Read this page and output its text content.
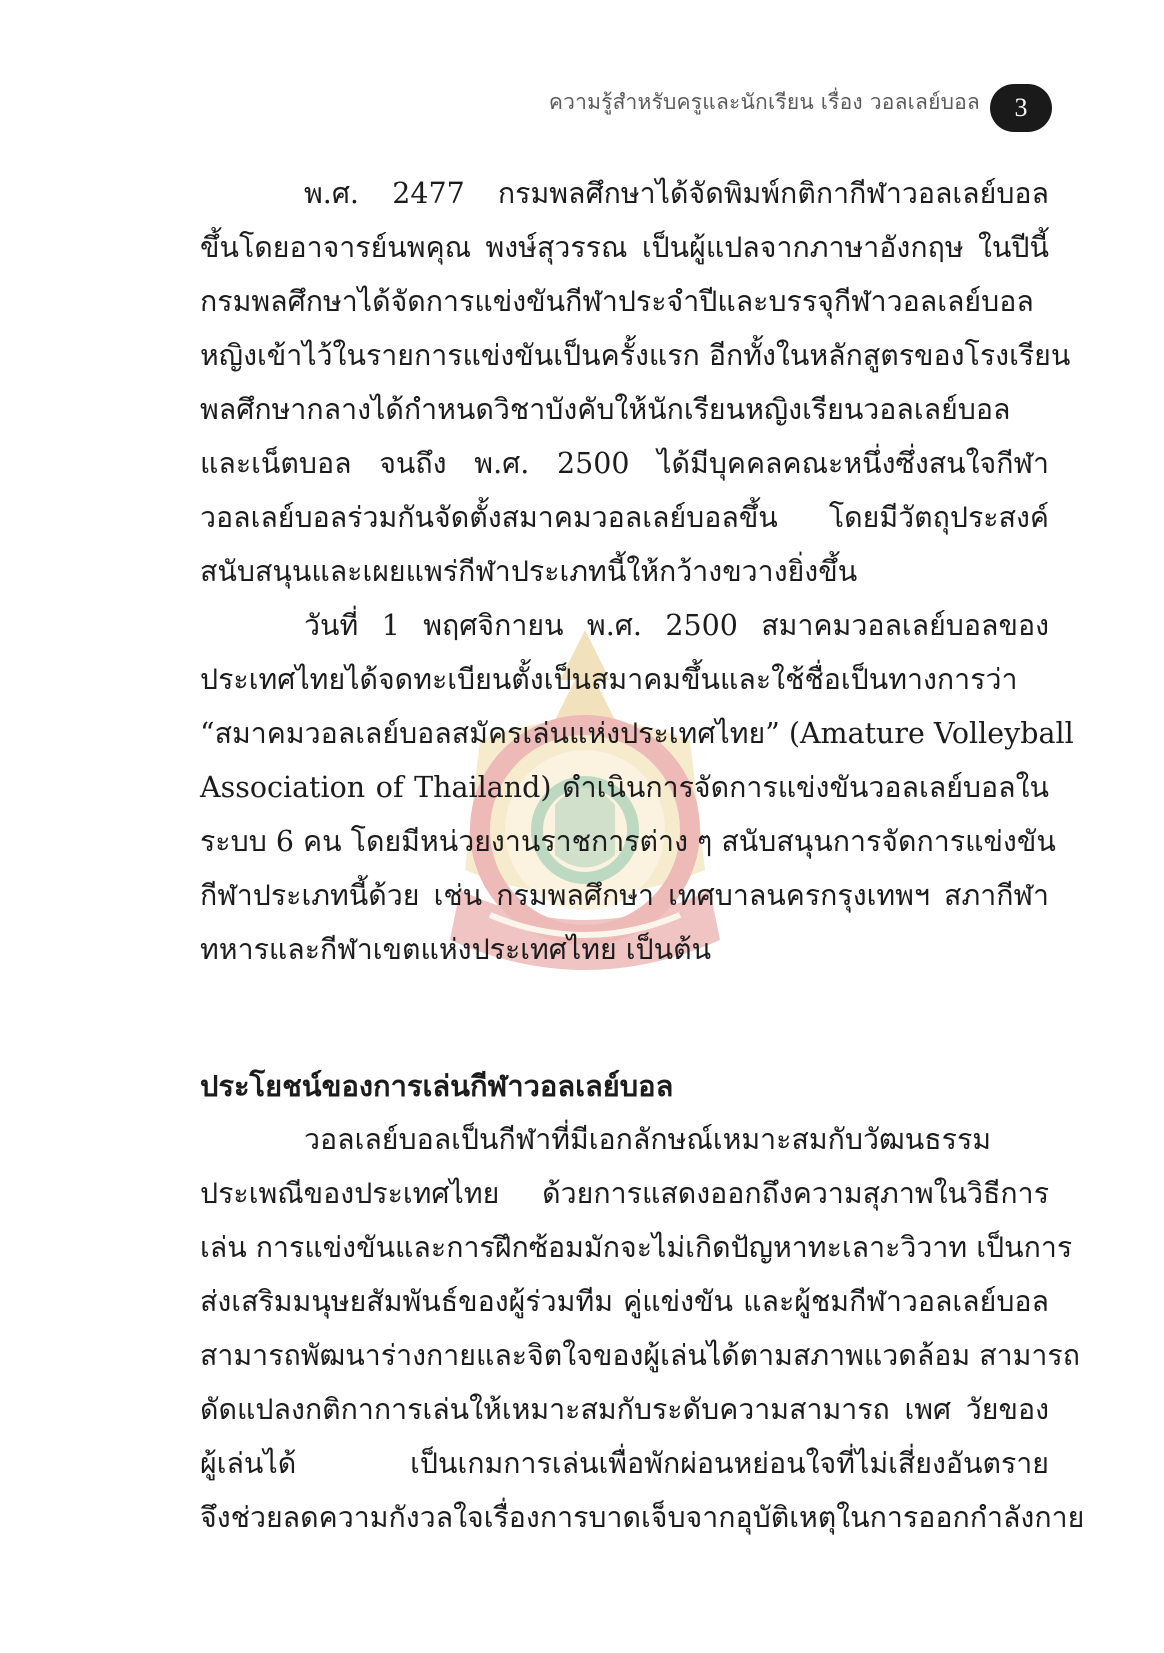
ความรู้สำหรับครูและนักเรียน เรื่อง วอลเลย์บอล	3
พ.ศ. 2477 กรมพลศึกษาได้จัดพิมพ์กติกากีฬาวอลเลย์บอล
ขึ้นโดยอาจารย์นพคุณ พงษ์สุวรรณ เป็นผู้แปลจากภาษาอังกฤษ ในปีนี้
กรมพลศึกษาได้จัดการแข่งขันกีฬาประจำปีและบรรจุกีฬาวอลเลย์บอล
หญิงเข้าไว้ในรายการแข่งขันเป็นครั้งแรก อีกทั้งในหลักสูตรของโรงเรียน
พลศึกษากลางได้กำหนดวิชาบังคับให้นักเรียนหญิงเรียนวอลเลย์บอล
และเน็ตบอล จนถึง พ.ศ. 2500 ได้มีบุคคลคณะหนึ่งซึ่งสนใจกีฬา
วอลเลย์บอลร่วมกันจัดตั้งสมาคมวอลเลย์บอลขึ้น โดยมีวัตถุประสงค์
สนับสนุนและเผยแพร่กีฬาประเภทนี้ให้กว้างขวางยิ่งขึ้น
วันที่ 1 พฤศจิกายน พ.ศ. 2500 สมาคมวอลเลย์บอลของ
ประเทศไทยได้จดทะเบียนตั้งเป็นสมาคมขึ้นและใช้ชื่อเป็นทางการว่า
“สมาคมวอลเลย์บอลสมัครเล่นแห่งประเทศไทย” (Amature Volleyball
Association of Thailand) ดำเนินการจัดการแข่งขันวอลเลย์บอลใน
ระบบ 6 คน โดยมีหน่วยงานราชการต่าง ๆ สนับสนุนการจัดการแข่งขัน
กีฬาประเภทนี้ด้วย เช่น กรมพลศึกษา เทศบาลนครกรุงเทพฯ สภากีฬา
ทหารและกีฬาเขตแห่งประเทศไทย เป็นต้น
ประโยชน์ของการเล่นกีฬาวอลเลย์บอล
วอลเลย์บอลเป็นกีฬาที่มีเอกลักษณ์เหมาะสมกับวัฒนธรรม
ประเพณีของประเทศไทย ด้วยการแสดงออกถึงความสุภาพในวิธีการ
เล่น การแข่งขันและการฝึกซ้อมมักจะไม่เกิดปัญหาทะเลาะวิวาท เป็นการ
ส่งเสริมมนุษยสัมพันธ์ของผู้ร่วมทีม คู่แข่งขัน และผู้ชมกีฬาวอลเลย์บอล
สามารถพัฒนาร่างกายและจิตใจของผู้เล่นได้ตามสภาพแวดล้อม สามารถ
ดัดแปลงกติกาการเล่นให้เหมาะสมกับระดับความสามารถ เพศ วัยของ
ผู้เล่นได้ เป็นเกมการเล่นเพื่อพักผ่อนหย่อนใจที่ไม่เสี่ยงอันตราย
จึงช่วยลดความกังวลใจเรื่องการบาดเจ็บจากอุบัติเหตุในการออกกำลังกาย
